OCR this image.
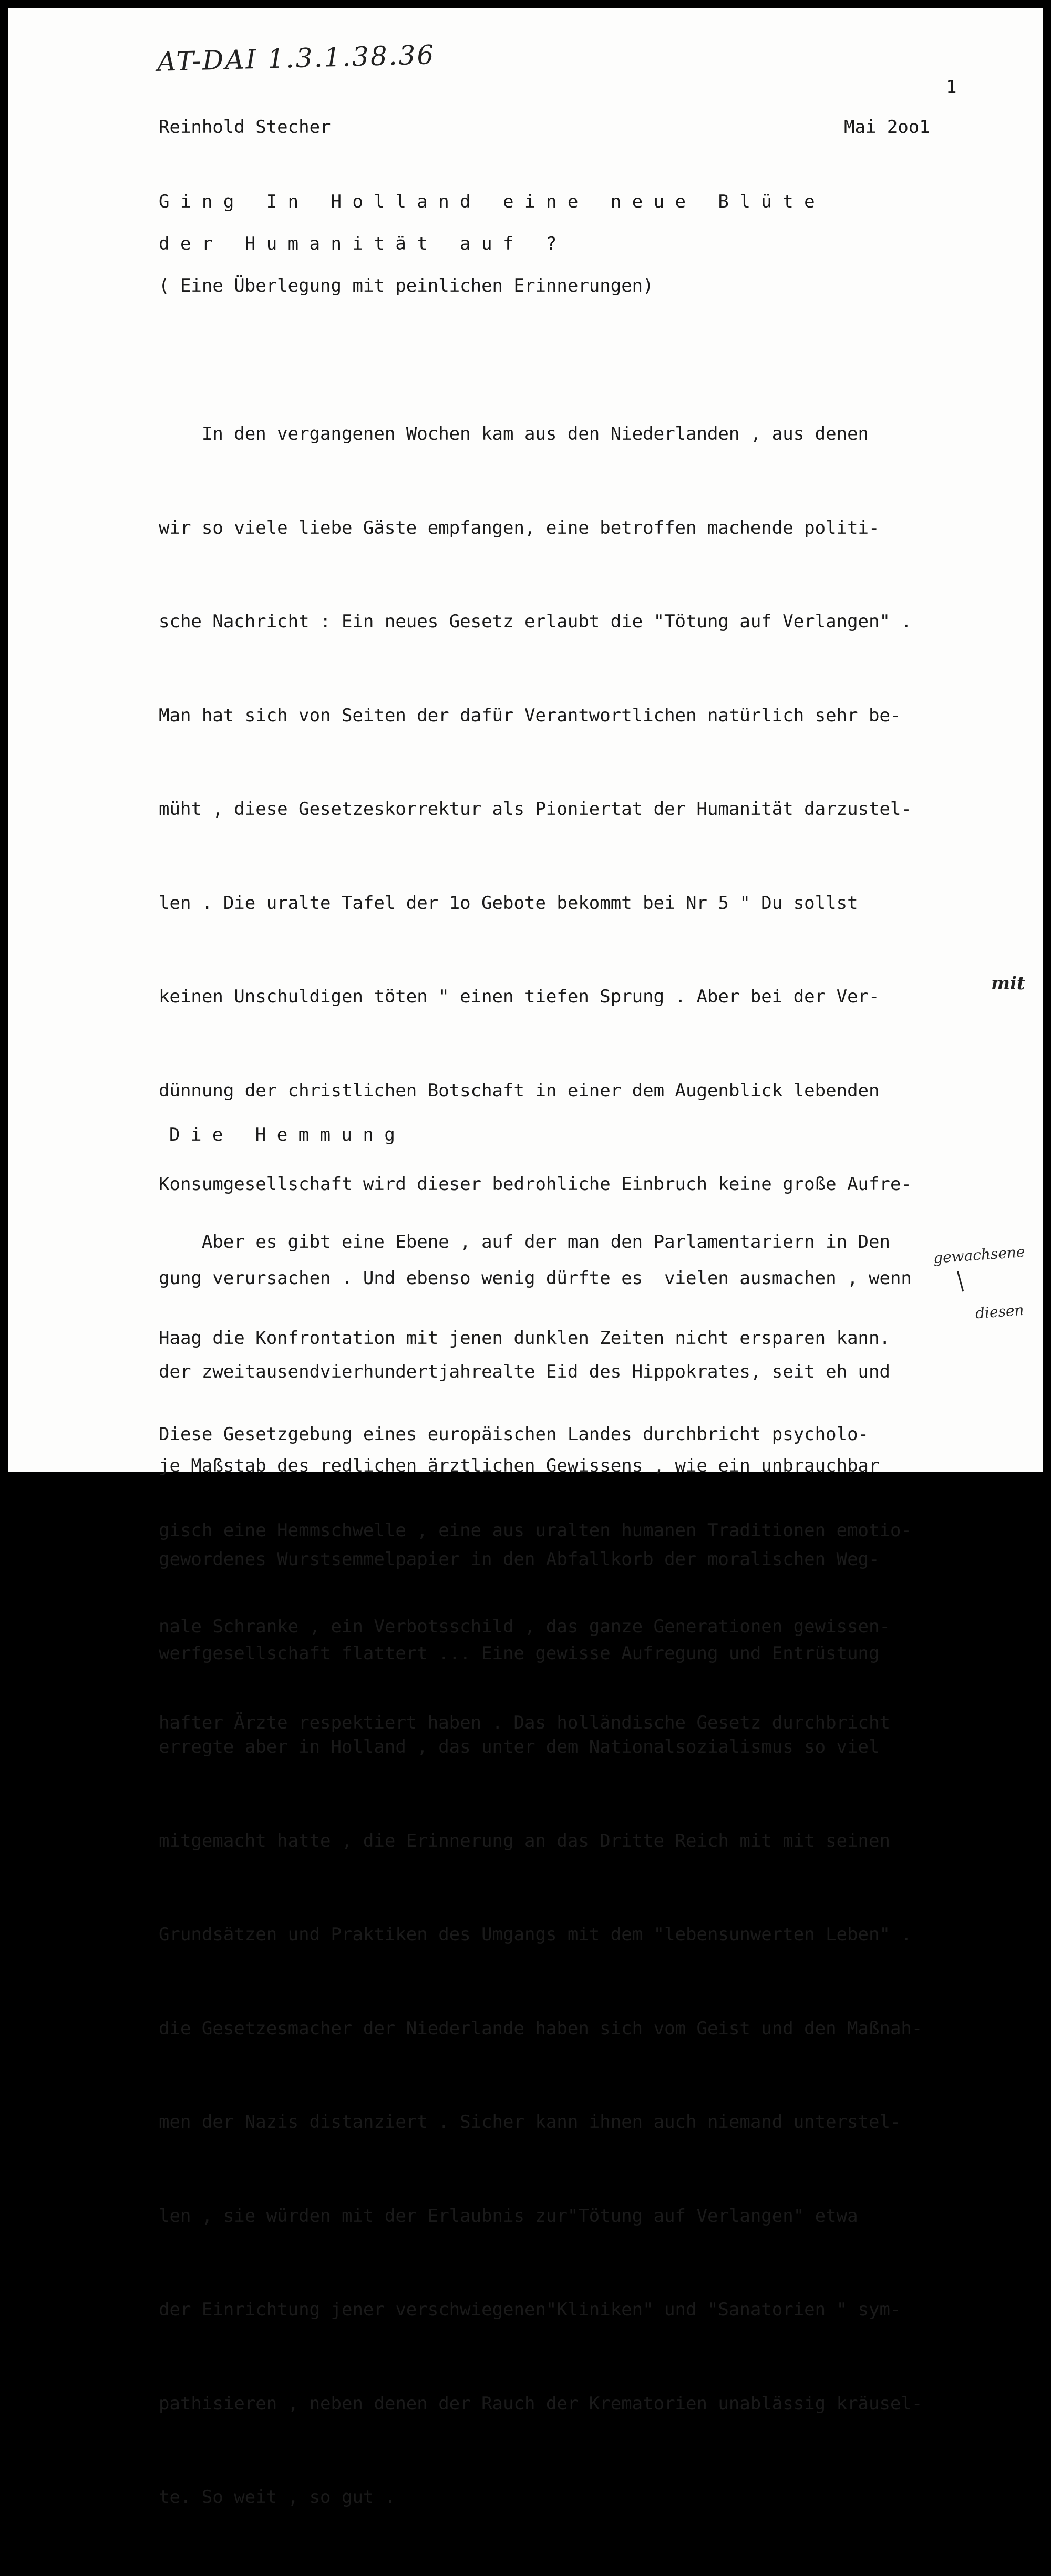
AT-DAI 1.3.1.38.36
1
Reinhold Stecher	Mai 2oo1
G i n g   I n   H o l l a n d   e i n e   n e u e   B l ü t e
d e r   H u m a n i t ä t   a u f   ?
( Eine Überlegung mit peinlichen Erinnerungen)

In den vergangenen Wochen kam aus den Niederlanden , aus denen

wir so viele liebe Gäste empfangen, eine betroffen machende politi-

sche Nachricht : Ein neues Gesetz erlaubt die "Tötung auf Verlangen" .

Man hat sich von Seiten der dafür Verantwortlichen natürlich sehr be-

müht , diese Gesetzeskorrektur als Pioniertat der Humanität darzustel-

len . Die uralte Tafel der 1o Gebote bekommt bei Nr 5 " Du sollst

keinen Unschuldigen töten " einen tiefen Sprung . Aber bei der Ver-

dünnung der christlichen Botschaft in einer dem Augenblick lebenden

Konsumgesellschaft wird dieser bedrohliche Einbruch keine große Aufre-

gung verursachen . Und ebenso wenig dürfte es  vielen ausmachen , wenn

der zweitausendvierhundertjahrealte Eid des Hippokrates, seit eh und

je Maßstab des redlichen ärztlichen Gewissens , wie ein unbrauchbar

gewordenes Wurstsemmelpapier in den Abfallkorb der moralischen Weg-

werfgesellschaft flattert ... Eine gewisse Aufregung und Entrüstung

erregte aber in Holland , das unter dem Nationalsozialismus so viel

mitgemacht hatte , die Erinnerung an das Dritte Reich mit mit seinen

Grundsätzen und Praktiken des Umgangs mit dem "lebensunwerten Leben" .

die Gesetzesmacher der Niederlande haben sich vom Geist und den Maßnah-

men der Nazis distanziert . Sicher kann ihnen auch niemand unterstel-

len , sie würden mit der Erlaubnis zur"Tötung auf Verlangen" etwa

der Einrichtung jener verschwiegenen"Kliniken" und "Sanatorien " sym-

pathisieren , neben denen der Rauch der Krematorien unablässig kräusel-

te. So weit , so gut .

mit
D i e   H e m m u n g

Aber es gibt eine Ebene , auf der man den Parlamentariern in Den

Haag die Konfrontation mit jenen dunklen Zeiten nicht ersparen kann.

Diese Gesetzgebung eines europäischen Landes durchbricht psycholo-

gisch eine Hemmschwelle , eine aus uralten humanen Traditionen emotio-

nale Schranke , ein Verbotsschild , das ganze Generationen gewissen-

hafter Ärzte respektiert haben . Das holländische Gesetz durchbricht

gewachsene
diesen
